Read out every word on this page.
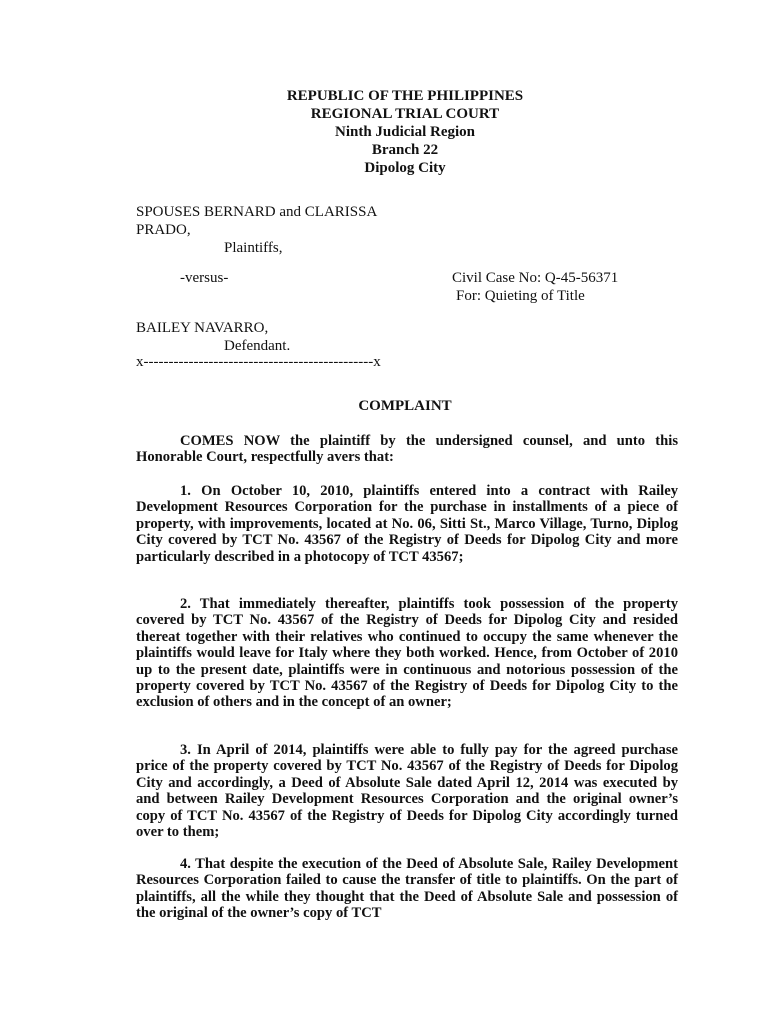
REPUBLIC OF THE PHILIPPINES
REGIONAL TRIAL COURT
Ninth Judicial Region
Branch 22
Dipolog City
SPOUSES BERNARD and CLARISSA
PRADO,
Plaintiffs,
-versus-	Civil Case No: Q-45-56371
For: Quieting of Title
BAILEY NAVARRO,
Defendant.
x----------------------------------------------x
COMPLAINT

COMES NOW the plaintiff by the undersigned counsel, and unto this Honorable Court, respectfully avers that:

1. On October 10, 2010, plaintiffs entered into a contract with Railey Development Resources Corporation for the purchase in installments of a piece of property, with improvements, located at No. 06, Sitti St., Marco Village, Turno, Diplog City covered by TCT No. 43567 of the Registry of Deeds for Dipolog City and more particularly described in a photocopy of TCT 43567;

2. That immediately thereafter, plaintiffs took possession of the property covered by TCT No. 43567 of the Registry of Deeds for Dipolog City and resided thereat together with their relatives who continued to occupy the same whenever the plaintiffs would leave for Italy where they both worked. Hence, from October of 2010 up to the present date, plaintiffs were in continuous and notorious possession of the property covered by TCT No. 43567 of the Registry of Deeds for Dipolog City to the exclusion of others and in the concept of an owner;

3. In April of 2014, plaintiffs were able to fully pay for the agreed purchase price of the property covered by TCT No. 43567 of the Registry of Deeds for Dipolog City and accordingly, a Deed of Absolute Sale dated April 12, 2014 was executed by and between Railey Development Resources Corporation and the original owner’s copy of TCT No. 43567 of the Registry of Deeds for Dipolog City accordingly turned over to them;

4. That despite the execution of the Deed of Absolute Sale, Railey Development Resources Corporation failed to cause the transfer of title to plaintiffs. On the part of plaintiffs, all the while they thought that the Deed of Absolute Sale and possession of the original of the owner’s copy of TCT
